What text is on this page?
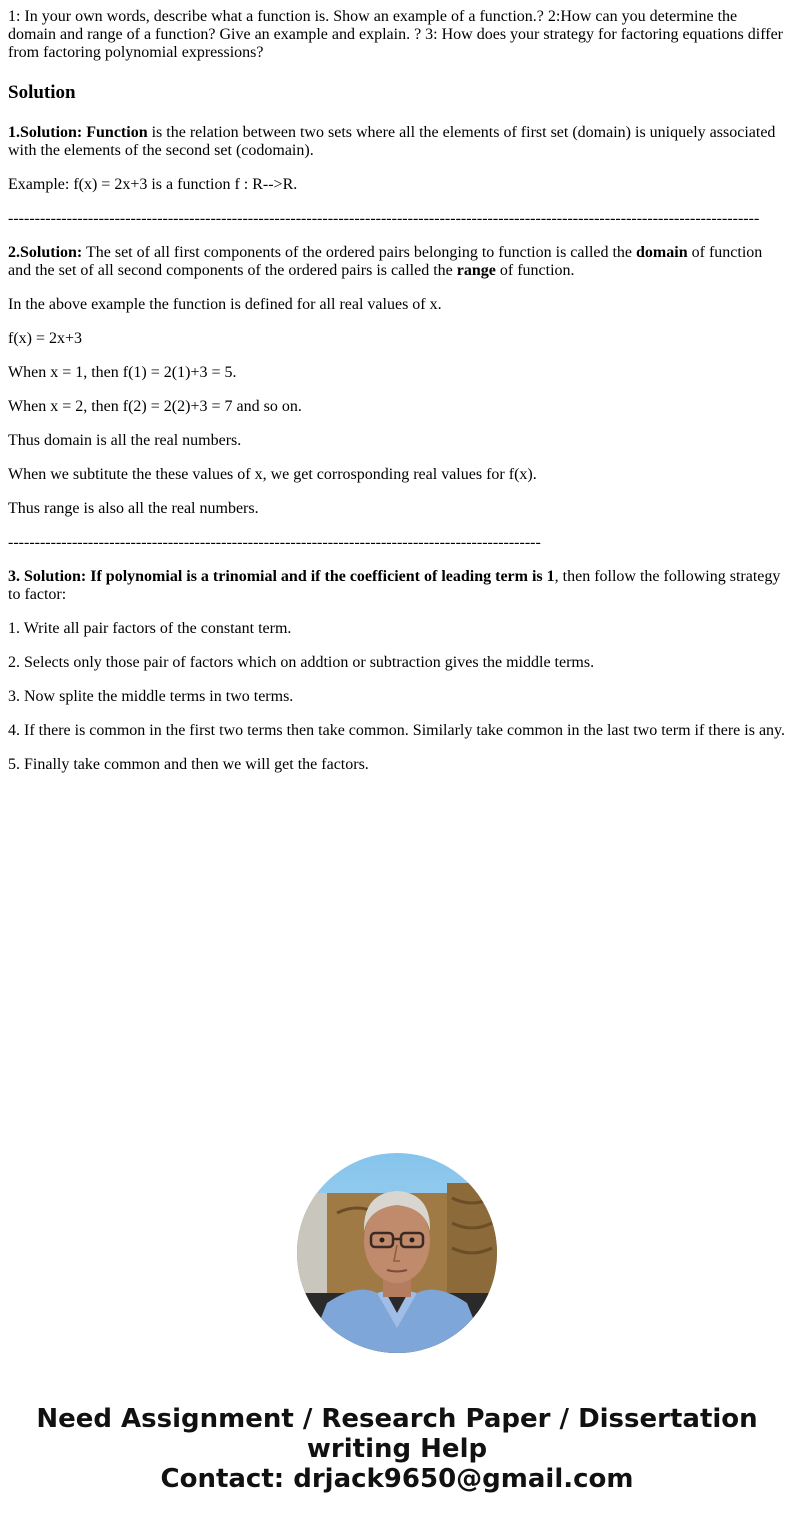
1: In your own words, describe what a function is. Show an example of a function.? 2:How can you determine the domain and range of a function? Give an example and explain. ? 3: How does your strategy for factoring equations differ from factoring polynomial expressions?

Solution

1.Solution: Function is the relation between two sets where all the elements of first set (domain) is uniquely associated with the elements of the second set (codomain).

Example: f(x) = 2x+3 is a function f : R-->R.

---------------------------------------------------------------------------------------------------------------------------------------------

2.Solution: The set of all first components of the ordered pairs belonging to function is called the domain of function and the set of all second components of the ordered pairs is called the range of function.

In the above example the function is defined for all real values of x.

f(x) = 2x+3

When x = 1, then f(1) = 2(1)+3 = 5.

When x = 2, then f(2) = 2(2)+3 = 7 and so on.

Thus domain is all the real numbers.

When we subtitute the these values of x, we get corrosponding real values for f(x).

Thus range is also all the real numbers.

----------------------------------------------------------------------------------------------------

3. Solution: If polynomial is a trinomial and if the coefficient of leading term is 1, then follow the following strategy to factor:

1. Write all pair factors of the constant term.

2. Selects only those pair of factors which on addtion or subtraction gives the middle terms.

3. Now splite the middle terms in two terms.

4. If there is common in the first two terms then take common. Similarly take common in the last two term if there is any.

5. Finally take common and then we will get the factors.

Need Assignment / Research Paper / Dissertation writing Help
Contact: drjack9650@gmail.com
